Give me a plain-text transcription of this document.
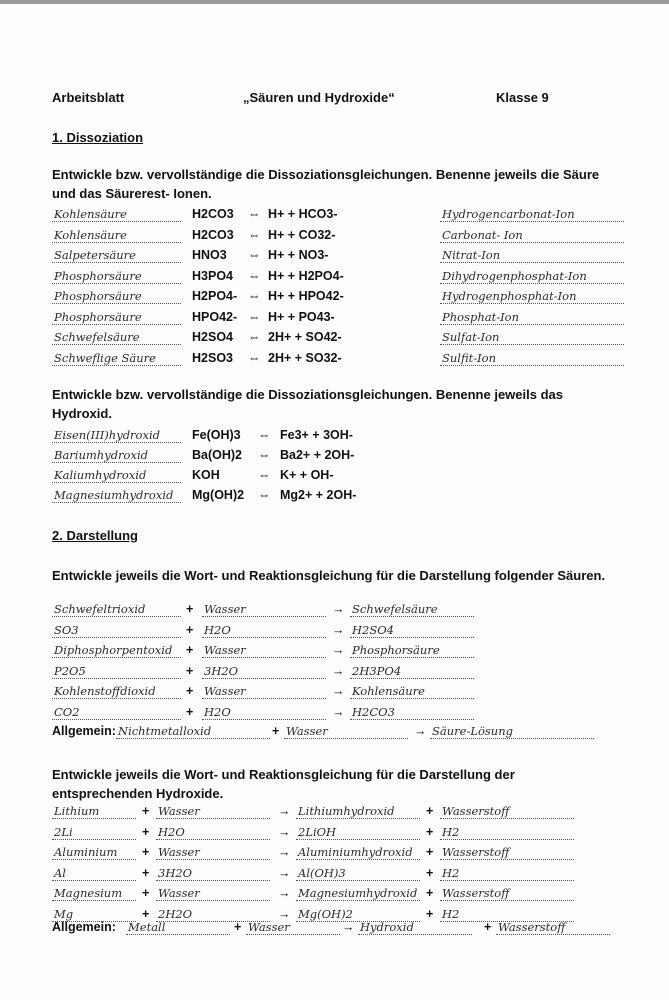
Arbeitsblatt	„Säuren und Hydroxide“	Klasse 9
1. Dissoziation
Entwickle bzw. vervollständige die Dissoziationsgleichungen. Benenne jeweils die Säure und das Säurerest- Ionen.
Kohlensäure	H2CO3 ⇔ H+ + HCO3-	Hydrogencarbonat-Ion
Kohlensäure	H2CO3 ⇔ H+ + CO32-	Carbonat- Ion
Salpetersäure	HNO3 ⇔ H+ + NO3-	Nitrat-Ion
Phosphorsäure	H3PO4 ⇔ H+ + H2PO4-	Dihydrogenphosphat-Ion
Phosphorsäure	H2PO4- ⇔ H+ + HPO42-	Hydrogenphosphat-Ion
Phosphorsäure	HPO42- ⇔ H+ + PO43-	Phosphat-Ion
Schwefelsäure	H2SO4 ⇔ 2H+ + SO42-	Sulfat-Ion
Schweflige Säure	H2SO3 ⇔ 2H+ + SO32-	Sulfit-Ion
Entwickle bzw. vervollständige die Dissoziationsgleichungen. Benenne jeweils das Hydroxid.
Eisen(III)hydroxid	Fe(OH)3 ⇔ Fe3+ + 3OH-
Bariumhydroxid	Ba(OH)2 ⇔ Ba2+ + 2OH-
Kaliumhydroxid	KOH	⇔ K+ + OH-
Magnesiumhydroxid	Mg(OH)2 ⇔ Mg2+ + 2OH-
2. Darstellung
Entwickle jeweils die Wort- und Reaktionsgleichung für die Darstellung folgender Säuren.
Schwefeltrioxid	+ Wasser	→ Schwefelsäure
SO3	+ H2O	→ H2SO4
Diphosphorpentoxid	+ Wasser	→ Phosphorsäure
P2O5	+ 3H2O	→ 2H3PO4
Kohlenstoffdioxid	+ Wasser	→ Kohlensäure
CO2	+ H2O	→ H2CO3
Allgemein: Nichtmetalloxid	+ Wasser	→ Säure-Lösung
Entwickle jeweils die Wort- und Reaktionsgleichung für die Darstellung der entsprechenden Hydroxide.
Lithium	+ Wasser	→ Lithiumhydroxid	+ Wasserstoff
2Li	+ H2O	→ 2LiOH	+ H2
Aluminium	+ Wasser	→ Aluminiumhydroxid	+ Wasserstoff
Al	+ 3H2O	→ Al(OH)3	+ H2
Magnesium	+ Wasser	→ Magnesiumhydroxid + Wasserstoff
Mg	+ 2H2O	→ Mg(OH)2	+ H2
Allgemein: Metall	+ Wasser	→ Hydroxid	+ Wasserstoff
